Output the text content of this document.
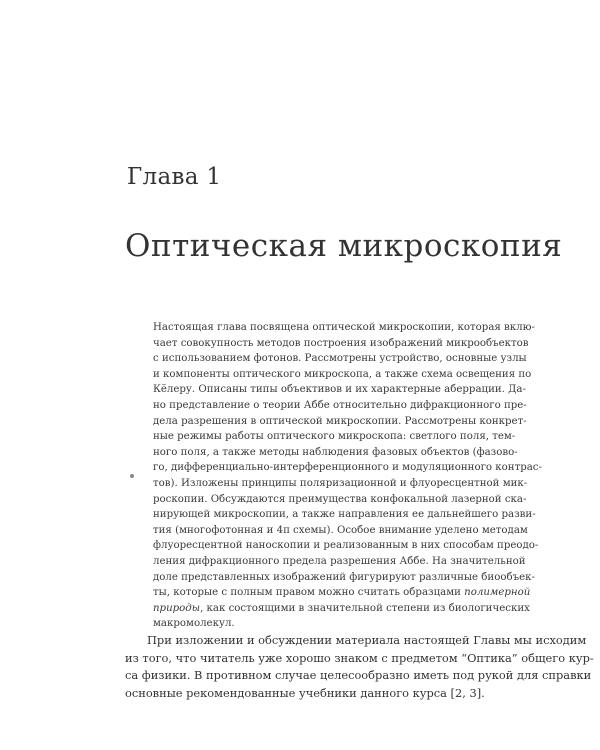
Глава 1
Оптическая микроскопия
Настоящая глава посвящена оптической микроскопии, которая вклю-
чает совокупность методов построения изображений микрообъектов
с использованием фотонов. Рассмотрены устройство, основные узлы
и компоненты оптического микроскопа, а также схема освещения по
Кёлеру. Описаны типы объективов и их характерные аберрации. Да-
но представление о теории Аббе относительно дифракционного пре-
дела разрешения в оптической микроскопии. Рассмотрены конкрет-
ные режимы работы оптического микроскопа: светлого поля, тем-
ного поля, а также методы наблюдения фазовых объектов (фазово-
го, дифференциально-интерференционного и модуляционного контрас-
тов). Изложены принципы поляризационной и флуоресцентной мик-
роскопии. Обсуждаются преимущества конфокальной лазерной ска-
нирующей микроскопии, а также направления ее дальнейшего разви-
тия (многофотонная и 4π схемы). Особое внимание уделено методам
флуоресцентной наноскопии и реализованным в них способам преодо-
ления дифракционного предела разрешения Аббе. На значительной
доле представленных изображений фигурируют различные биообъек-
ты, которые с полным правом можно считать образцами полимерной
природы, как состоящими в значительной степени из биологических
макромолекул.
При изложении и обсуждении материала настоящей Главы мы исходим
из того, что читатель уже хорошо знаком с предметом “Оптика” общего кур-
са физики. В противном случае целесообразно иметь под рукой для справки
основные рекомендованные учебники данного курса [2, 3].
